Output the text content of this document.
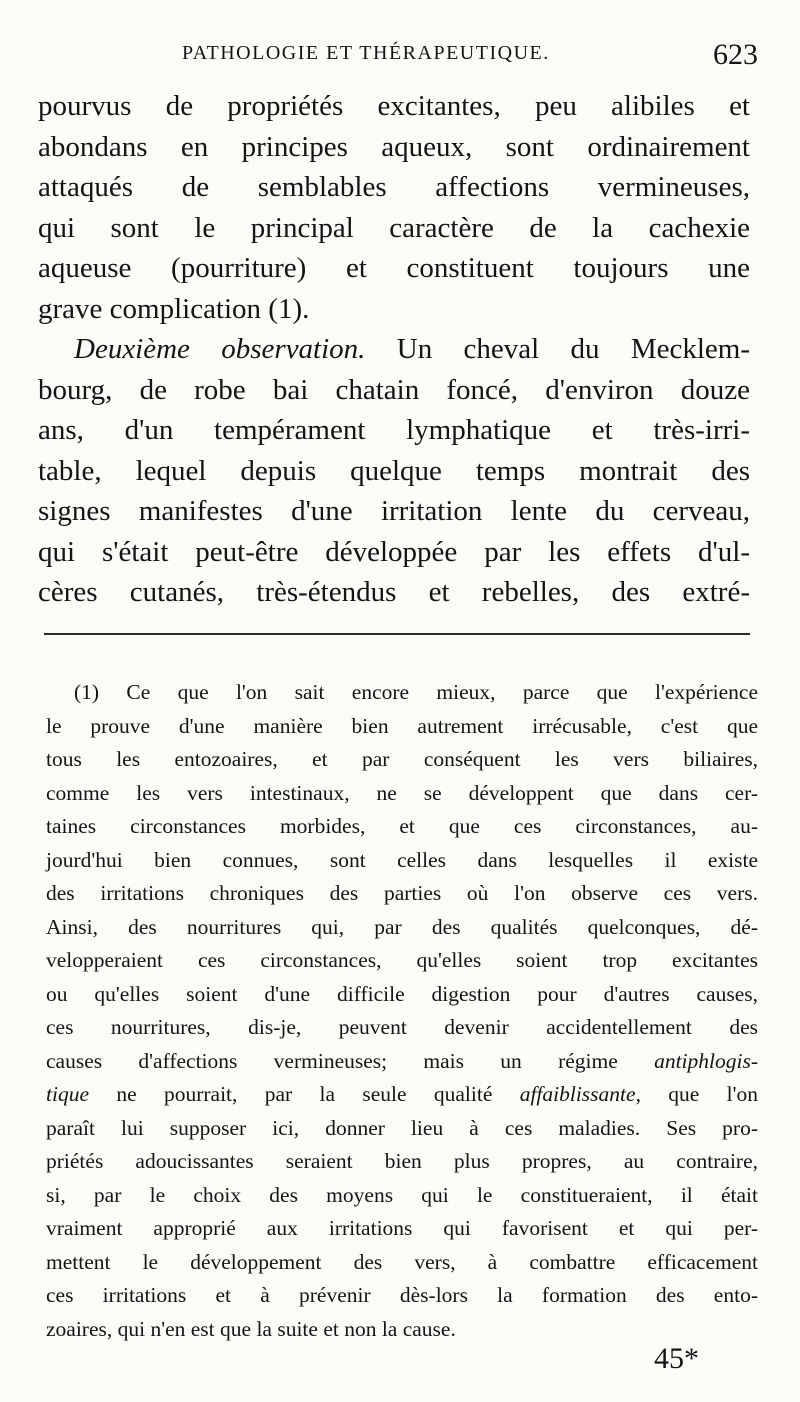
PATHOLOGIE ET THÉRAPEUTIQUE.	623
pourvus de propriétés excitantes, peu alibiles et
abondans en principes aqueux, sont ordinairement
attaqués de semblables affections vermineuses,
qui sont le principal caractère de la cachexie
aqueuse (pourriture) et constituent toujours une
grave complication (1).
Deuxième observation. Un cheval du Mecklem-
bourg, de robe bai chatain foncé, d'environ douze
ans, d'un tempérament lymphatique et très-irri-
table, lequel depuis quelque temps montrait des
signes manifestes d'une irritation lente du cerveau,
qui s'était peut-être développée par les effets d'ul-
cères cutanés, très-étendus et rebelles, des extré-
(1) Ce que l'on sait encore mieux, parce que l'expérience
le prouve d'une manière bien autrement irrécusable, c'est que
tous les entozoaires, et par conséquent les vers biliaires,
comme les vers intestinaux, ne se développent que dans cer-
taines circonstances morbides, et que ces circonstances, au-
jourd'hui bien connues, sont celles dans lesquelles il existe
des irritations chroniques des parties où l'on observe ces vers.
Ainsi, des nourritures qui, par des qualités quelconques, dé-
velopperaient ces circonstances, qu'elles soient trop excitantes
ou qu'elles soient d'une difficile digestion pour d'autres causes,
ces nourritures, dis-je, peuvent devenir accidentellement des
causes d'affections vermineuses; mais un régime antiphlogis-
tique ne pourrait, par la seule qualité affaiblissante, que l'on
paraît lui supposer ici, donner lieu à ces maladies. Ses pro-
priétés adoucissantes seraient bien plus propres, au contraire,
si, par le choix des moyens qui le constitueraient, il était
vraiment approprié aux irritations qui favorisent et qui per-
mettent le développement des vers, à combattre efficacement
ces irritations et à prévenir dès-lors la formation des ento-
zoaires, qui n'en est que la suite et non la cause.
45*
